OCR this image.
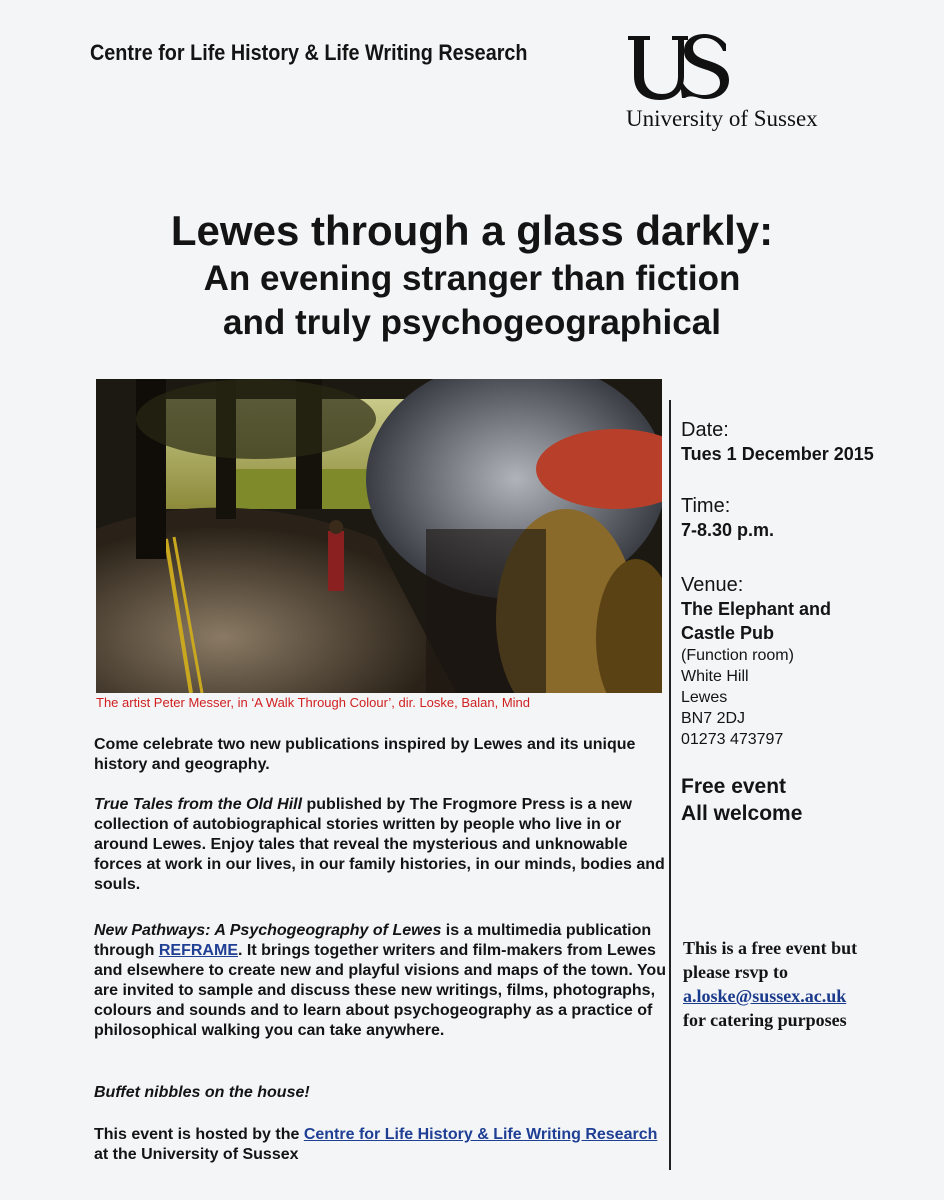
Centre for Life History & Life Writing Research
University of Sussex
Lewes through a glass darkly:
An evening stranger than fiction
and truly psychogeographical
The artist Peter Messer, in ‘A Walk Through Colour’, dir. Loske, Balan, Mind
Date:
Tues 1 December 2015
Time:
7-8.30 p.m.
Venue:
The Elephant and
Castle Pub
(Function room)
White Hill
Lewes
BN7 2DJ
01273 473797
Free event
All welcome
This is a free event but
please rsvp to
a.loske@sussex.ac.uk
for catering purposes

Come celebrate two new publications inspired by Lewes and its unique history and geography.

True Tales from the Old Hill published by The Frogmore Press is a new collection of autobiographical stories written by people who live in or around Lewes. Enjoy tales that reveal the mysterious and unknowable forces at work in our lives, in our family histories, in our minds, bodies and souls.

New Pathways: A Psychogeography of Lewes is a multimedia publication through REFRAME. It brings together writers and film-makers from Lewes and elsewhere to create new and playful visions and maps of the town. You are invited to sample and discuss these new writings, films, photographs, colours and sounds and to learn about psychogeography as a practice of philosophical walking you can take anywhere.

Buffet nibbles on the house!

This event is hosted by the Centre for Life History & Life Writing Research at the University of Sussex
